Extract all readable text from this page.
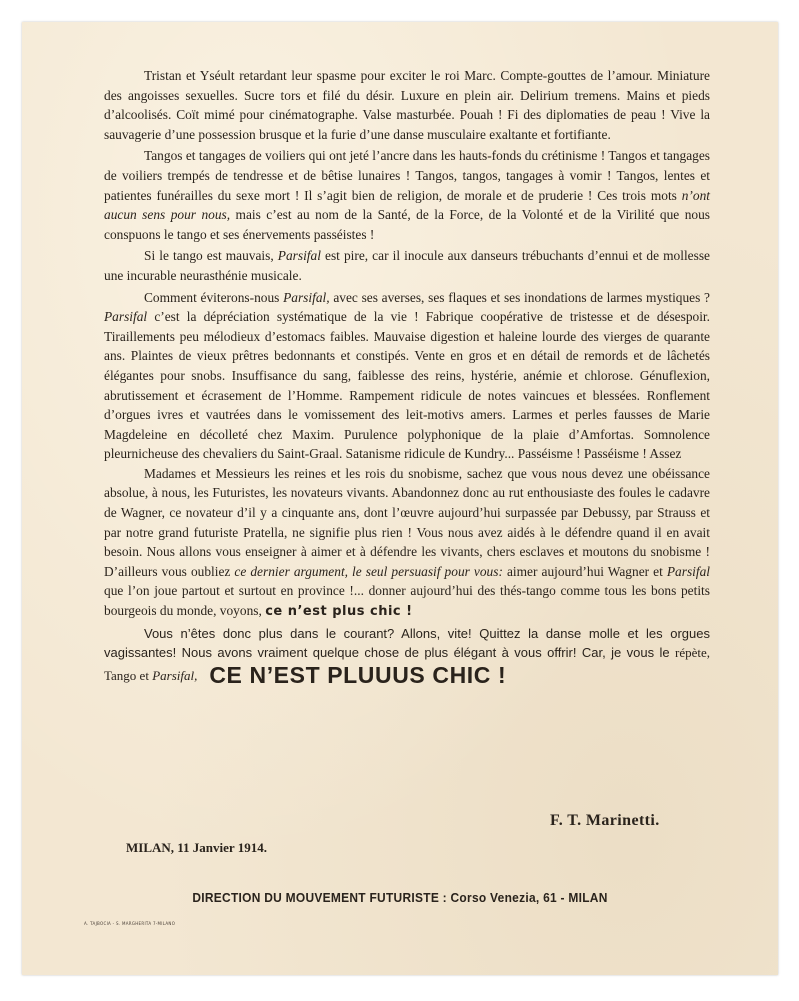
Tristan et Yséult retardant leur spasme pour exciter le roi Marc. Compte-gouttes de l’amour. Miniature des angoisses sexuelles. Sucre tors et filé du désir. Luxure en plein air. Delirium tremens. Mains et pieds d’alcoolisés. Coït mimé pour cinématographe. Valse masturbée. Pouah ! Fi des diplomaties de peau ! Vive la sauvagerie d’une possession brusque et la furie d’une danse musculaire exaltante et fortifiante.

Tangos et tangages de voiliers qui ont jeté l’ancre dans les hauts-fonds du crétinisme ! Tangos et tangages de voiliers trempés de tendresse et de bêtise lunaires ! Tangos, tangos, tangages à vomir ! Tangos, lentes et patientes funérailles du sexe mort ! Il s’agit bien de religion, de morale et de pruderie ! Ces trois mots n’ont aucun sens pour nous, mais c’est au nom de la Santé, de la Force, de la Volonté et de la Virilité que nous conspuons le tango et ses énervements passéistes !

Si le tango est mauvais, Parsifal est pire, car il inocule aux danseurs trébuchants d’ennui et de mollesse une incurable neurasthénie musicale.

Comment éviterons-nous Parsifal, avec ses averses, ses flaques et ses inondations de larmes mystiques ? Parsifal c’est la dépréciation systématique de la vie ! Fabrique coopérative de tristesse et de désespoir. Tiraillements peu mélodieux d’estomacs faibles. Mauvaise digestion et haleine lourde des vierges de quarante ans. Plaintes de vieux prêtres bedonnants et constipés. Vente en gros et en détail de remords et de lâchetés élégantes pour snobs. Insuffisance du sang, faiblesse des reins, hystérie, anémie et chlorose. Génuflexion, abrutissement et écrasement de l’Homme. Rampement ridicule de notes vaincues et blessées. Ronflement d’orgues ivres et vautrées dans le vomissement des leit-motivs amers. Larmes et perles fausses de Marie Magdeleine en décolleté chez Maxim. Purulence polyphonique de la plaie d’Amfortas. Somnolence pleurnicheuse des chevaliers du Saint-Graal. Satanisme ridicule de Kundry... Passéisme ! Passéisme ! Assez

Madames et Messieurs les reines et les rois du snobisme, sachez que vous nous devez une obéissance absolue, à nous, les Futuristes, les novateurs vivants. Abandonnez donc au rut enthousiaste des foules le cadavre de Wagner, ce novateur d’il y a cinquante ans, dont l’œuvre aujourd’hui surpassée par Debussy, par Strauss et par notre grand futuriste Pratella, ne signifie plus rien ! Vous nous avez aidés à le défendre quand il en avait besoin. Nous allons vous enseigner à aimer et à défendre les vivants, chers esclaves et moutons du snobisme ! D’ailleurs vous oubliez ce dernier argument, le seul persuasif pour vous: aimer aujourd’hui Wagner et Parsifal que l’on joue partout et surtout en province !... donner aujourd’hui des thés-tango comme tous les bons petits bourgeois du monde, voyons, ce n’est plus chic !

Vous n’êtes donc plus dans le courant? Allons, vite! Quittez la danse molle et les orgues vagissantes! Nous avons vraiment quelque chose de plus élégant à vous offrir! Car, je vous le répète, Tango et Parsifal, CE N’EST PLUUUS CHIC !

F. T. Marinetti.
MILAN, 11 Janvier 1914.
DIRECTION DU MOUVEMENT FUTURISTE : Corso Venezia, 61 - MILAN
A. TAJBOCIA - S. MARGHERITA 7-MILANO
